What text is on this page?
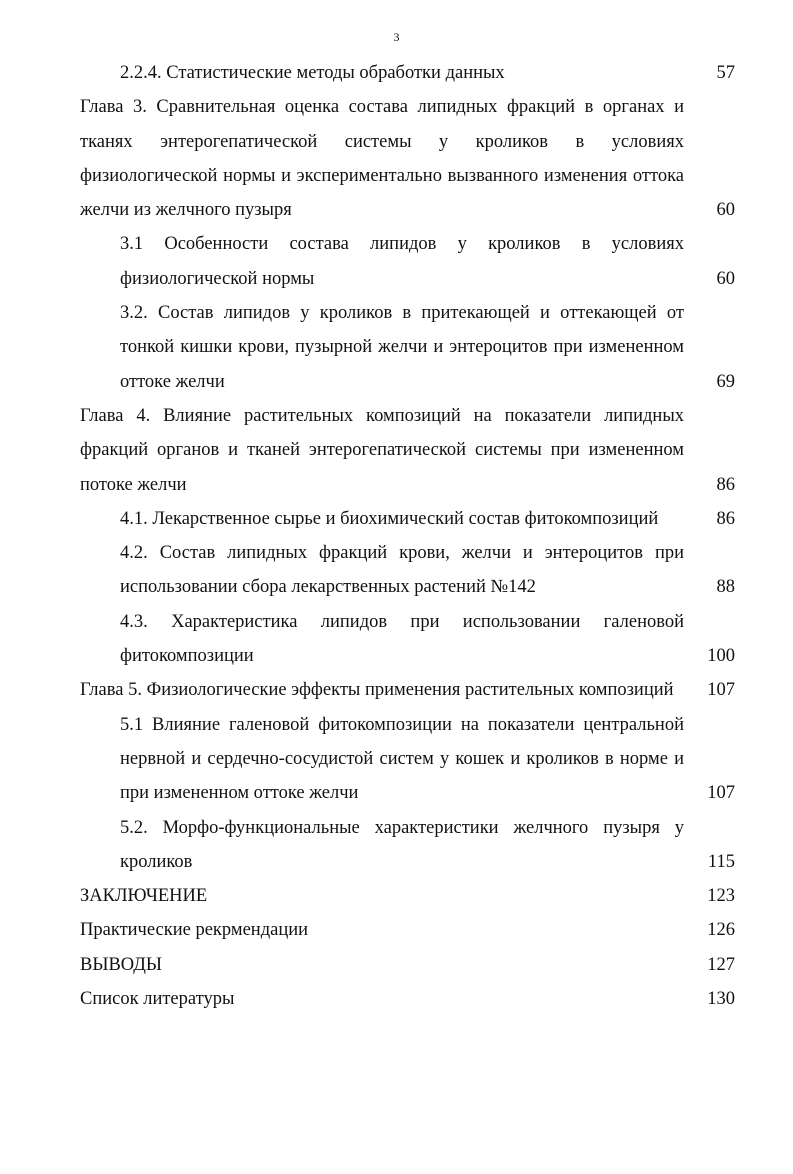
3
2.2.4. Статистические методы обработки данных	57
Глава 3. Сравнительная оценка состава липидных фракций в органах и тканях энтерогепатической системы у кроликов в условиях физиологической нормы и экспериментально вызванного изменения оттока желчи из желчного пузыря	60
3.1 Особенности состава липидов у кроликов в условиях физиологической нормы	60
3.2. Состав липидов у кроликов в притекающей и оттекающей от тонкой кишки крови, пузырной желчи и энтероцитов при измененном оттоке желчи	69
Глава 4. Влияние растительных композиций на показатели липидных фракций органов и тканей энтерогепатической системы при измененном потоке желчи	86
4.1. Лекарственное сырье и биохимический состав фитокомпозиций	86
4.2. Состав липидных фракций крови, желчи и энтероцитов при использовании сбора лекарственных растений №142	88
4.3. Характеристика липидов при использовании галеновой фитокомпозиции	100
Глава 5. Физиологические эффекты применения растительных композиций	107
5.1 Влияние галеновой фитокомпозиции на показатели центральной нервной и сердечно-сосудистой систем у кошек и кроликов в норме и при измененном оттоке желчи	107
5.2. Морфо-функциональные характеристики желчного пузыря у кроликов	115
ЗАКЛЮЧЕНИЕ	123
Практические рекрмендации	126
ВЫВОДЫ	127
Список литературы	130
